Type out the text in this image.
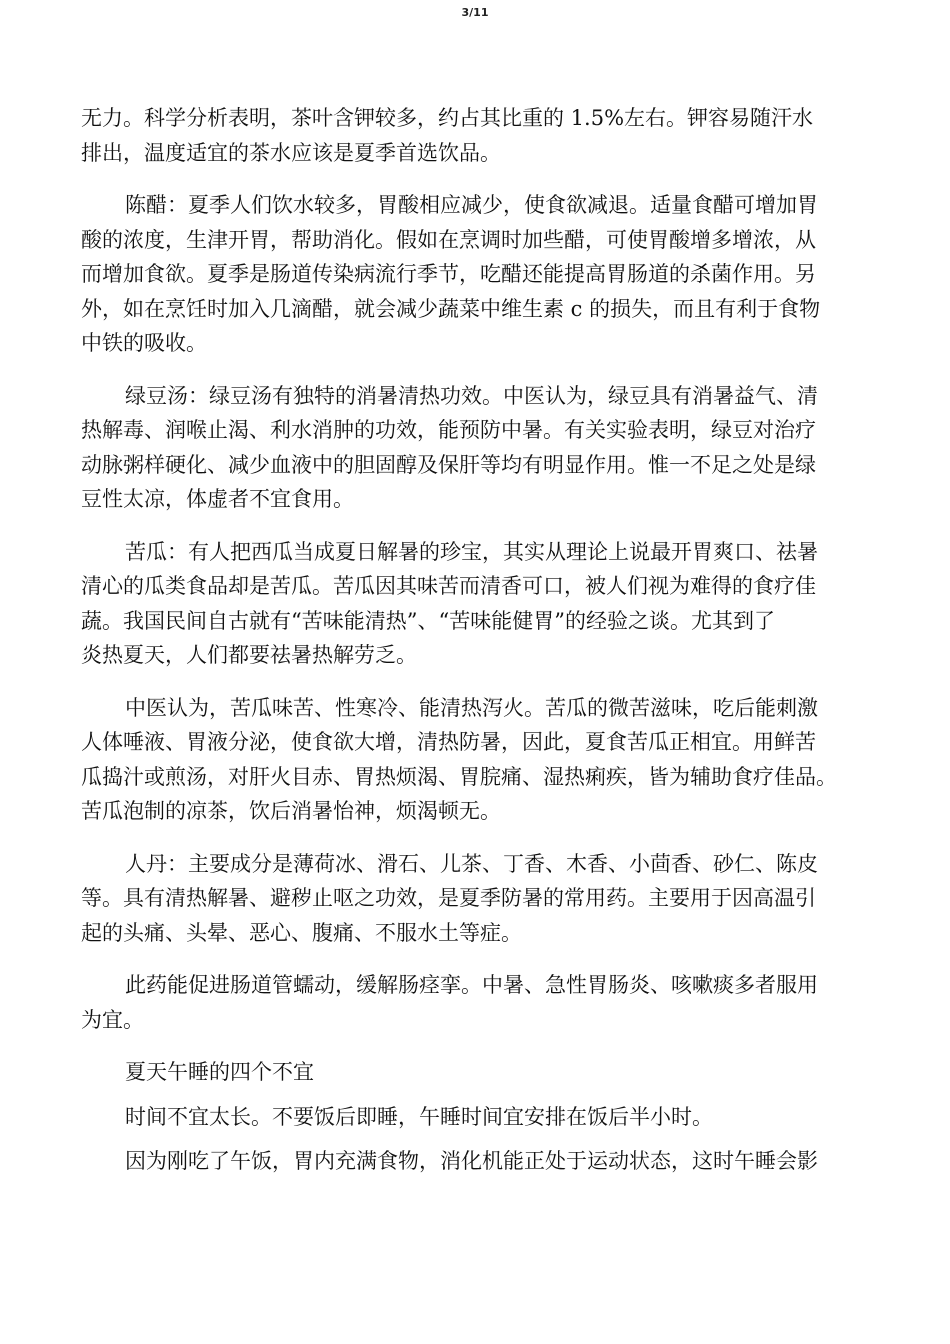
3/11
无力。科学分析表明，茶叶含钾较多，约占其比重的 1.5%左右。钾容易随汗水
排出，温度适宜的茶水应该是夏季首选饮品。
陈醋：夏季人们饮水较多，胃酸相应减少，使食欲减退。适量食醋可增加胃
酸的浓度，生津开胃，帮助消化。假如在烹调时加些醋，可使胃酸增多增浓，从
而增加食欲。夏季是肠道传染病流行季节，吃醋还能提高胃肠道的杀菌作用。另
外，如在烹饪时加入几滴醋，就会减少蔬菜中维生素 c 的损失，而且有利于食物
中铁的吸收。
绿豆汤：绿豆汤有独特的消暑清热功效。中医认为，绿豆具有消暑益气、清
热解毒、润喉止渴、利水消肿的功效，能预防中暑。有关实验表明，绿豆对治疗
动脉粥样硬化、减少血液中的胆固醇及保肝等均有明显作用。惟一不足之处是绿
豆性太凉，体虚者不宜食用。
苦瓜：有人把西瓜当成夏日解暑的珍宝，其实从理论上说最开胃爽口、祛暑
清心的瓜类食品却是苦瓜。苦瓜因其味苦而清香可口，被人们视为难得的食疗佳
蔬。我国民间自古就有“苦味能清热”、“苦味能健胃”的经验之谈。尤其到了
炎热夏天，人们都要祛暑热解劳乏。
中医认为，苦瓜味苦、性寒冷、能清热泻火。苦瓜的微苦滋味，吃后能刺激
人体唾液、胃液分泌，使食欲大增，清热防暑，因此，夏食苦瓜正相宜。用鲜苦
瓜捣汁或煎汤，对肝火目赤、胃热烦渴、胃脘痛、湿热痢疾，皆为辅助食疗佳品。
苦瓜泡制的凉茶，饮后消暑怡神，烦渴顿无。
人丹：主要成分是薄荷冰、滑石、儿茶、丁香、木香、小茴香、砂仁、陈皮
等。具有清热解暑、避秽止呕之功效，是夏季防暑的常用药。主要用于因高温引
起的头痛、头晕、恶心、腹痛、不服水土等症。
此药能促进肠道管蠕动，缓解肠痉挛。中暑、急性胃肠炎、咳嗽痰多者服用
为宜。
夏天午睡的四个不宜
时间不宜太长。不要饭后即睡，午睡时间宜安排在饭后半小时。
因为刚吃了午饭，胃内充满食物，消化机能正处于运动状态，这时午睡会影
